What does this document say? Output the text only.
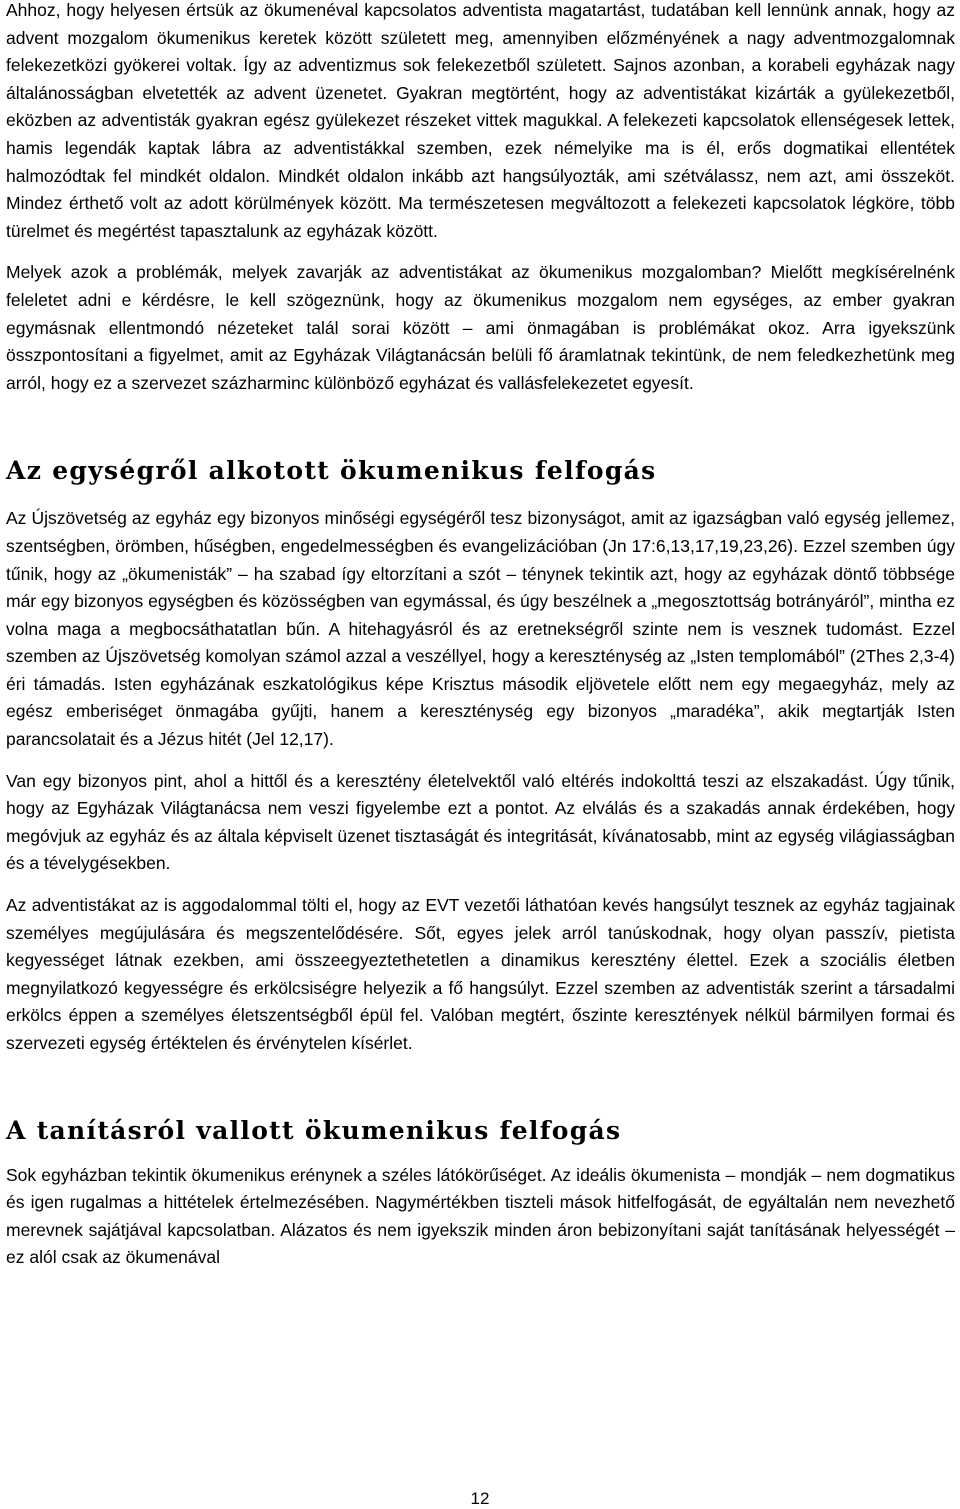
Ahhoz, hogy helyesen értsük az ökumenéval kapcsolatos adventista magatartást, tudatában kell lennünk annak, hogy az advent mozgalom ökumenikus keretek között született meg, amennyiben előzményének a nagy adventmozgalomnak felekezetközi gyökerei voltak. Így az adventizmus sok felekezetből született. Sajnos azonban, a korabeli egyházak nagy általánosságban elvetették az advent üzenetet. Gyakran megtörtént, hogy az adventistákat kizárták a gyülekezetből, eközben az adventisták gyakran egész gyülekezet részeket vittek magukkal. A felekezeti kapcsolatok ellenségesek lettek, hamis legendák kaptak lábra az adventistákkal szemben, ezek némelyike ma is él, erős dogmatikai ellentétek halmozódtak fel mindkét oldalon. Mindkét oldalon inkább azt hangsúlyozták, ami szétválassz, nem azt, ami összeköt. Mindez érthető volt az adott körülmények között. Ma természetesen megváltozott a felekezeti kapcsolatok légköre, több türelmet és megértést tapasztalunk az egyházak között.

Melyek azok a problémák, melyek zavarják az adventistákat az ökumenikus mozgalomban? Mielőtt megkísérelnénk feleletet adni e kérdésre, le kell szögeznünk, hogy az ökumenikus mozgalom nem egységes, az ember gyakran egymásnak ellentmondó nézeteket talál sorai között – ami önmagában is problémákat okoz. Arra igyekszünk összpontosítani a figyelmet, amit az Egyházak Világtanácsán belüli fő áramlatnak tekintünk, de nem feledkezhetünk meg arról, hogy ez a szervezet százharminc különböző egyházat és vallásfelekezetet egyesít.

Az egységről alkotott ökumenikus felfogás

Az Újszövetség az egyház egy bizonyos minőségi egységéről tesz bizonyságot, amit az igazságban való egység jellemez, szentségben, örömben, hűségben, engedelmességben és evangelizációban (Jn 17:6,13,17,19,23,26). Ezzel szemben úgy tűnik, hogy az „ökumenisták” – ha szabad így eltorzítani a szót – ténynek tekintik azt, hogy az egyházak döntő többsége már egy bizonyos egységben és közösségben van egymással, és úgy beszélnek a „megosztottság botrányáról”, mintha ez volna maga a megbocsáthatatlan bűn. A hitehagyásról és az eretnekségről szinte nem is vesznek tudomást. Ezzel szemben az Újszövetség komolyan számol azzal a veszéllyel, hogy a kereszténység az „Isten templomából” (2Thes 2,3-4) éri támadás. Isten egyházának eszkatológikus képe Krisztus második eljövetele előtt nem egy megaegyház, mely az egész emberiséget önmagába gyűjti, hanem a kereszténység egy bizonyos „maradéka”, akik megtartják Isten parancsolatait és a Jézus hitét (Jel 12,17).

Van egy bizonyos pint, ahol a hittől és a keresztény életelvektől való eltérés indokolttá teszi az elszakadást. Úgy tűnik, hogy az Egyházak Világtanácsa nem veszi figyelembe ezt a pontot. Az elválás és a szakadás annak érdekében, hogy megóvjuk az egyház és az általa képviselt üzenet tisztaságát és integritását, kívánatosabb, mint az egység világiasságban és a tévelygésekben.

Az adventistákat az is aggodalommal tölti el, hogy az EVT vezetői láthatóan kevés hangsúlyt tesznek az egyház tagjainak személyes megújulására és megszentelődésére. Sőt, egyes jelek arról tanúskodnak, hogy olyan passzív, pietista kegyességet látnak ezekben, ami összeegyeztethetetlen a dinamikus keresztény élettel. Ezek a szociális életben megnyilatkozó kegyességre és erkölcsiségre helyezik a fő hangsúlyt. Ezzel szemben az adventisták szerint a társadalmi erkölcs éppen a személyes életszentségből épül fel. Valóban megtért, őszinte keresztények nélkül bármilyen formai és szervezeti egység értéktelen és érvénytelen kísérlet.

A tanításról vallott ökumenikus felfogás

Sok egyházban tekintik ökumenikus erénynek a széles látókörűséget. Az ideális ökumenista – mondják – nem dogmatikus és igen rugalmas a hittételek értelmezésében. Nagymértékben tiszteli mások hitfelfogását, de egyáltalán nem nevezhető merevnek sajátjával kapcsolatban. Alázatos és nem igyekszik minden áron bebizonyítani saját tanításának helyességét – ez alól csak az ökumenával

12
